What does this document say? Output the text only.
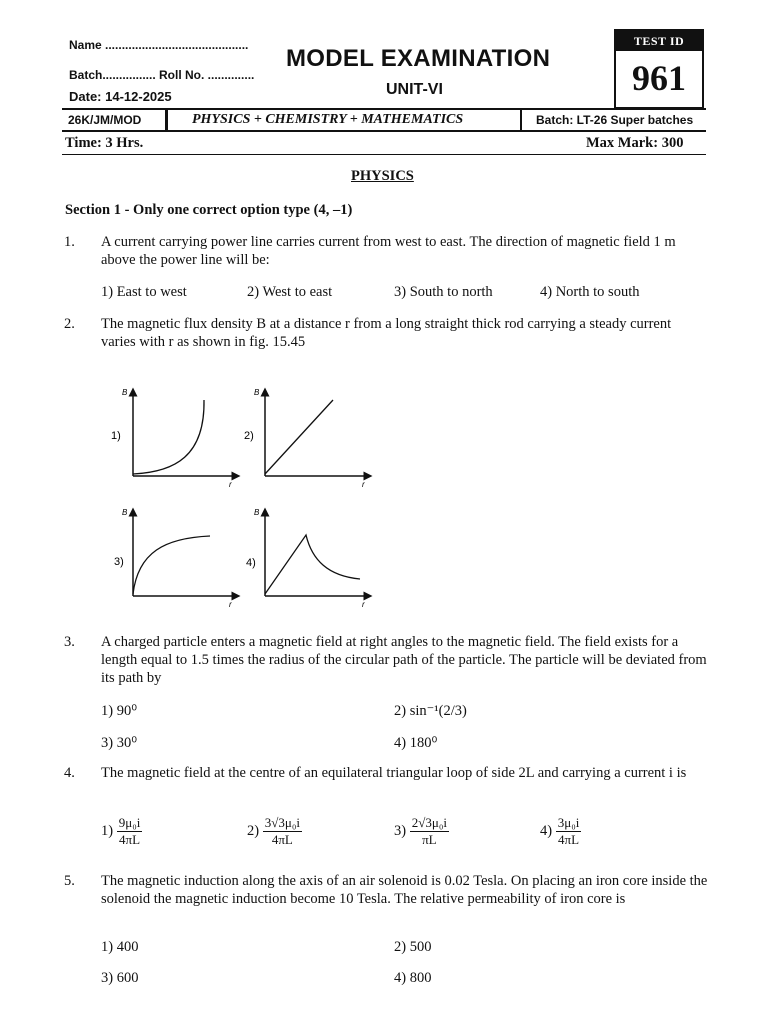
Name ...........................................
Batch................ Roll No. ..............
Date: 14-12-2025
MODEL EXAMINATION
UNIT-VI
TEST ID
961
26K/JM/MOD	PHYSICS + CHEMISTRY + MATHEMATICS	Batch: LT-26 Super batches
Time: 3 Hrs.	Max Mark: 300
PHYSICS
Section 1 - Only one correct option type (4, –1)
1. A current carrying power line carries current from west to east. The direction of magnetic field 1 m above the power line will be:
1) East to west	2) West to east	3) South to north	4) North to south
2. The magnetic flux density B at a distance r from a long straight thick rod carrying a steady current varies with r as shown in fig. 15.45
B
r
1)
B
r
2)
B
r
3)
B
r
4)
3. A charged particle enters a magnetic field at right angles to the magnetic field. The field exists for a length equal to 1.5 times the radius of the circular path of the particle. The particle will be deviated from its path by
1) 90⁰	2) sin⁻¹(2/3)
3) 30⁰	4) 180⁰
4. The magnetic field at the centre of an equilateral triangular loop of side 2L and carrying a current i is
$1) \frac{\text{9μ₀i}}{4\pi L}$	$2) \frac{\text{3√3μ₀i}}{4\pi L}$	$3) \frac{\text{2√3μ₀i}}{\pi L}$	$4) \frac{\text{3μ₀i}}{4\pi L}$
5. The magnetic induction along the axis of an air solenoid is 0.02 Tesla. On placing an iron core inside the solenoid the magnetic induction become 10 Tesla. The relative permeability of iron core is
1) 400	2) 500
3) 600	4) 800
